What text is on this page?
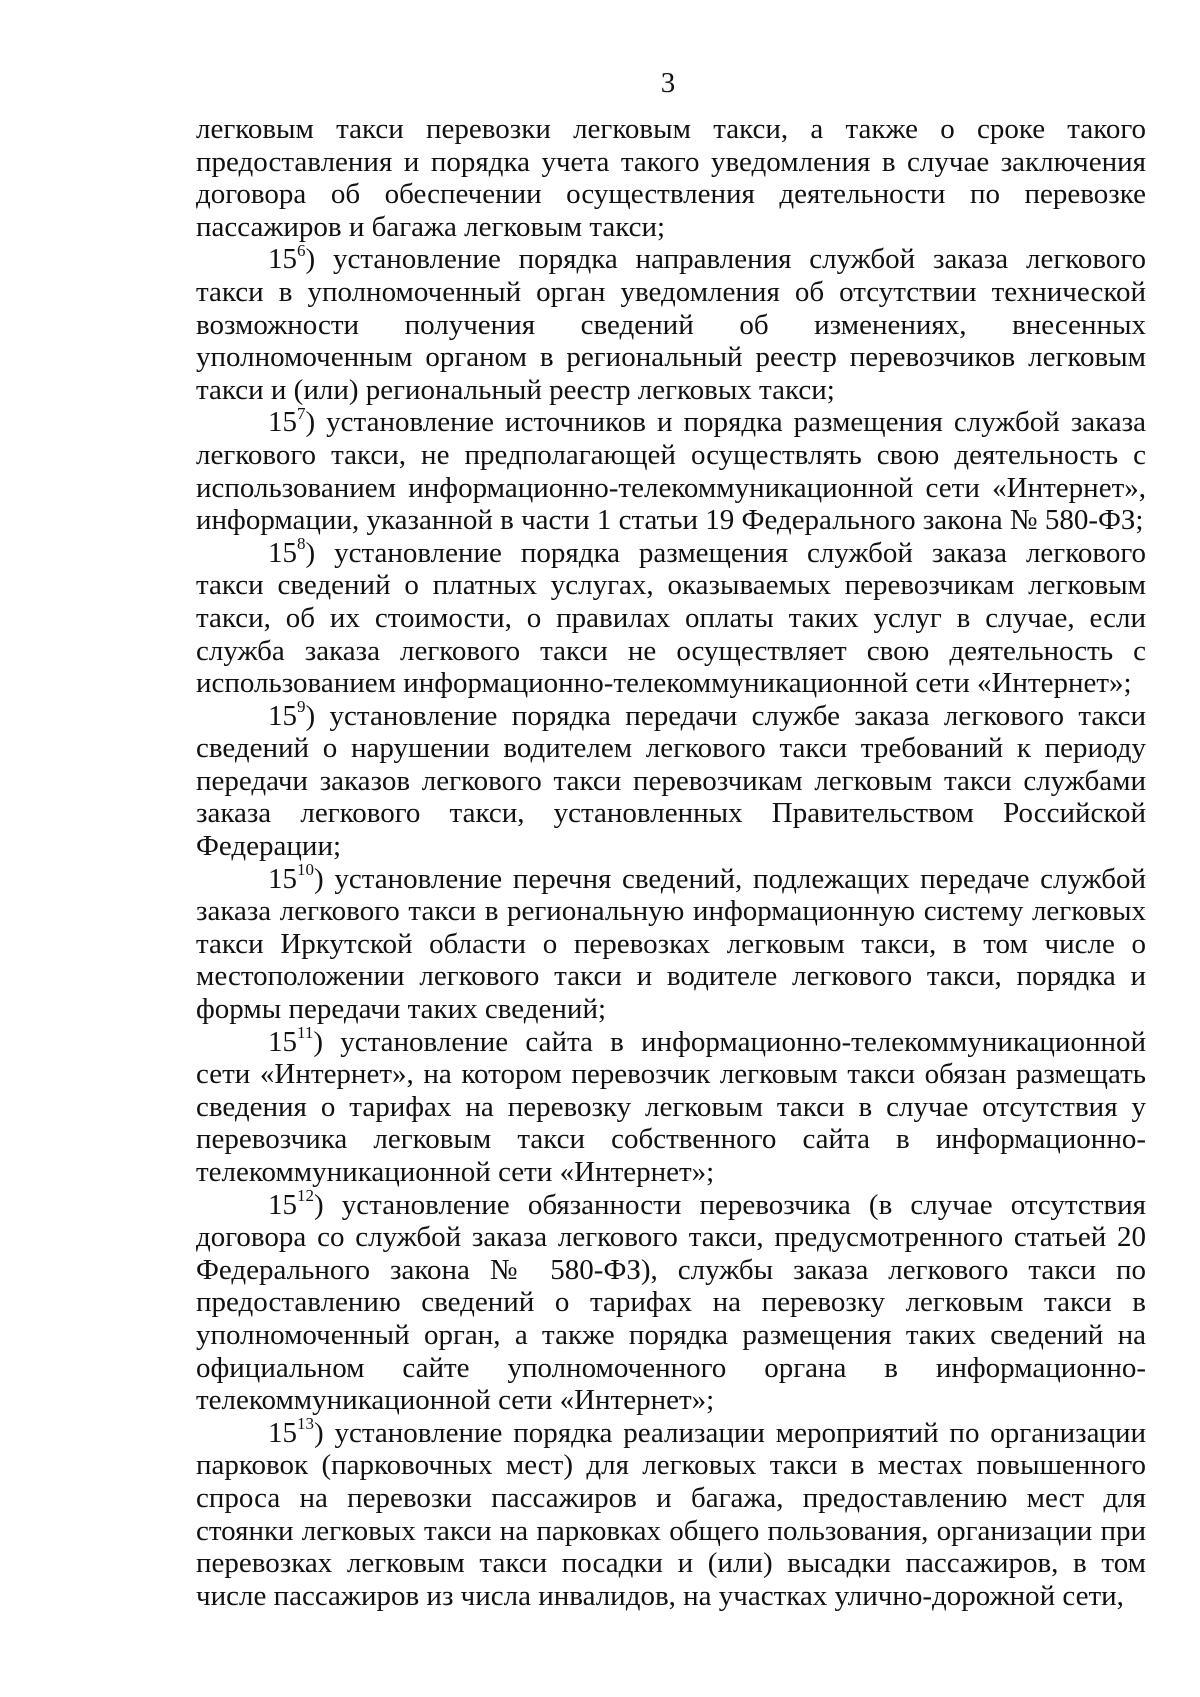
3

легковым такси перевозки легковым такси, а также о сроке такого предоставления и порядка учета такого уведомления в случае заключения договора об обеспечении осуществления деятельности по перевозке пассажиров и багажа легковым такси;

$15^6$) установление порядка направления службой заказа легкового такси в уполномоченный орган уведомления об отсутствии технической возможности получения сведений об изменениях, внесенных уполномоченным органом в региональный реестр перевозчиков легковым такси и (или) региональный реестр легковых такси;

$15^7$) установление источников и порядка размещения службой заказа легкового такси, не предполагающей осуществлять свою деятельность с использованием информационно-телекоммуникационной сети «Интернет», информации, указанной в части 1 статьи 19 Федерального закона № 580-ФЗ;

$15^8$) установление порядка размещения службой заказа легкового такси сведений о платных услугах, оказываемых перевозчикам легковым такси, об их стоимости, о правилах оплаты таких услуг в случае, если служба заказа легкового такси не осуществляет свою деятельность с использованием информационно-телекоммуникационной сети «Интернет»;

$15^9$) установление порядка передачи службе заказа легкового такси сведений о нарушении водителем легкового такси требований к периоду передачи заказов легкового такси перевозчикам легковым такси службами заказа легкового такси, установленных Правительством Российской Федерации;

$15^{10}$) установление перечня сведений, подлежащих передаче службой заказа легкового такси в региональную информационную систему легковых такси Иркутской области о перевозках легковым такси, в том числе о местоположении легкового такси и водителе легкового такси, порядка и формы передачи таких сведений;

$15^{11}$) установление сайта в информационно-телекоммуникационной сети «Интернет», на котором перевозчик легковым такси обязан размещать сведения о тарифах на перевозку легковым такси в случае отсутствия у перевозчика легковым такси собственного сайта в информационно-телекоммуникационной сети «Интернет»;

$15^{12}$) установление обязанности перевозчика (в случае отсутствия договора со службой заказа легкового такси, предусмотренного статьей 20 Федерального закона № 580-ФЗ), службы заказа легкового такси по предоставлению сведений о тарифах на перевозку легковым такси в уполномоченный орган, а также порядка размещения таких сведений на официальном сайте уполномоченного органа в информационно-телекоммуникационной сети «Интернет»;

$15^{13}$) установление порядка реализации мероприятий по организации парковок (парковочных мест) для легковых такси в местах повышенного спроса на перевозки пассажиров и багажа, предоставлению мест для стоянки легковых такси на парковках общего пользования, организации при перевозках легковым такси посадки и (или) высадки пассажиров, в том числе пассажиров из числа инвалидов, на участках улично-дорожной сети,
